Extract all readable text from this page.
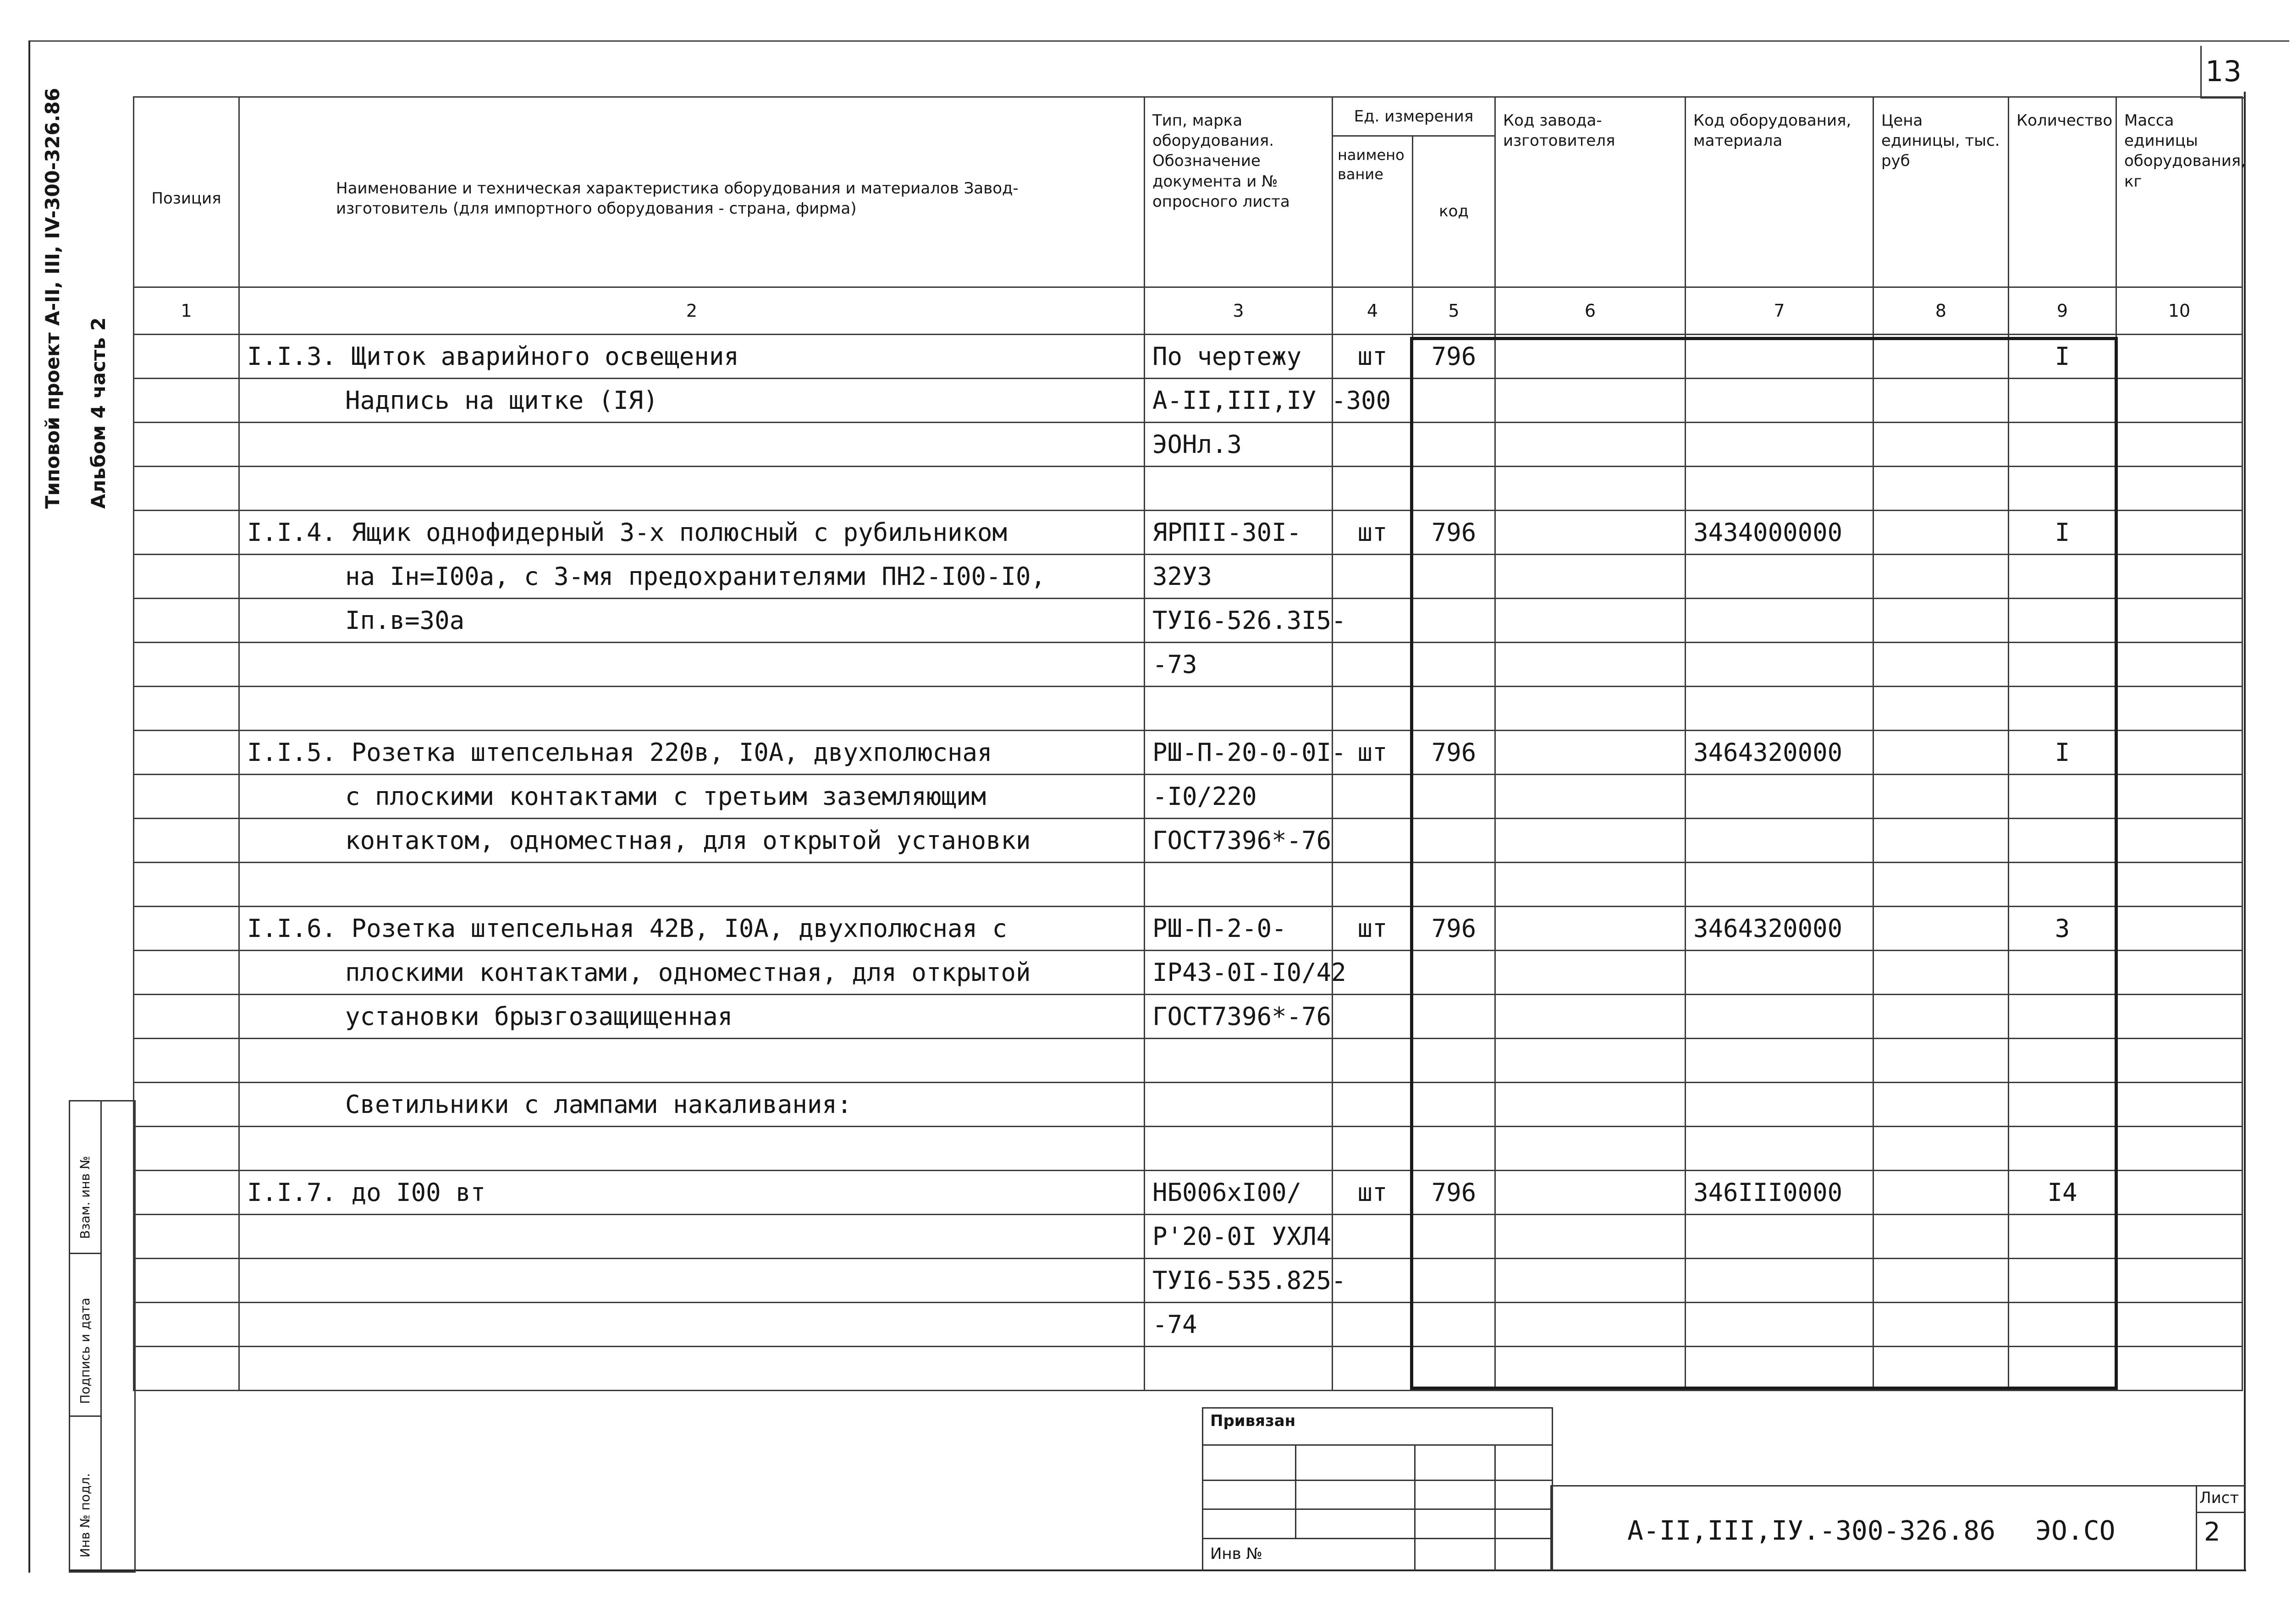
13
Типовой проект А-II, III, IV-300-326.86 Альбом 4 часть 2
Взам. инв №
Подпись и дата
Инв № подл.
Позиция	Наименование и техническая характеристика оборудования и материалов Завод-изготовитель (для импортного оборудования - страна, фирма)	Тип, марка оборудования. Обозначение документа и № опросного листа	Ед. измерения		Код завода-изготовителя	Код оборудования, материала	Цена единицы, тыс. руб	Количество	Масса единицы оборудования, кг
			наименование	код					
1	2	3	4	5	6	7	8	9	10
	I.I.3. Щиток аварийного освещения	По чертежу	шт	796				I	
	Надпись на щитке (IЯ)	А-II,III,IУ -300							
		ЭОНл.3							

	I.I.4. Ящик однофидерный 3-х полюсный с рубильником	ЯРПII-30I-	шт	796		3434000000		I	
	на Iн=I00а, с 3-мя предохранителями ПН2-I00-I0,	32УЗ							
	Iп.в=30а	ТУI6-526.3I5-							
		-73							

	I.I.5. Розетка штепсельная 220в, I0А, двухполюсная	РШ-П-20-0-0I-	шт	796		3464320000		I	
	с плоскими контактами с третьим заземляющим	-I0/220							
	контактом, одноместная, для открытой установки	ГОСТ7396*-76							

	I.I.6. Розетка штепсельная 42В, I0А, двухполюсная с	РШ-П-2-0-	шт	796		3464320000		3	
	плоскими контактами, одноместная, для открытой	IP43-0I-I0/42							
	установки брызгозащищенная	ГОСТ7396*-76							

	Светильники с лампами накаливания:								

	I.I.7. до I00 вт	НБ006хI00/	шт	796		346III0000		I4	
		Р'20-0I УХЛ4							
		ТУI6-535.825-							
		-74							

Привязан
Инв №
А-II,III,IУ.-300-326.86 ЭО.СО
Лист
2
